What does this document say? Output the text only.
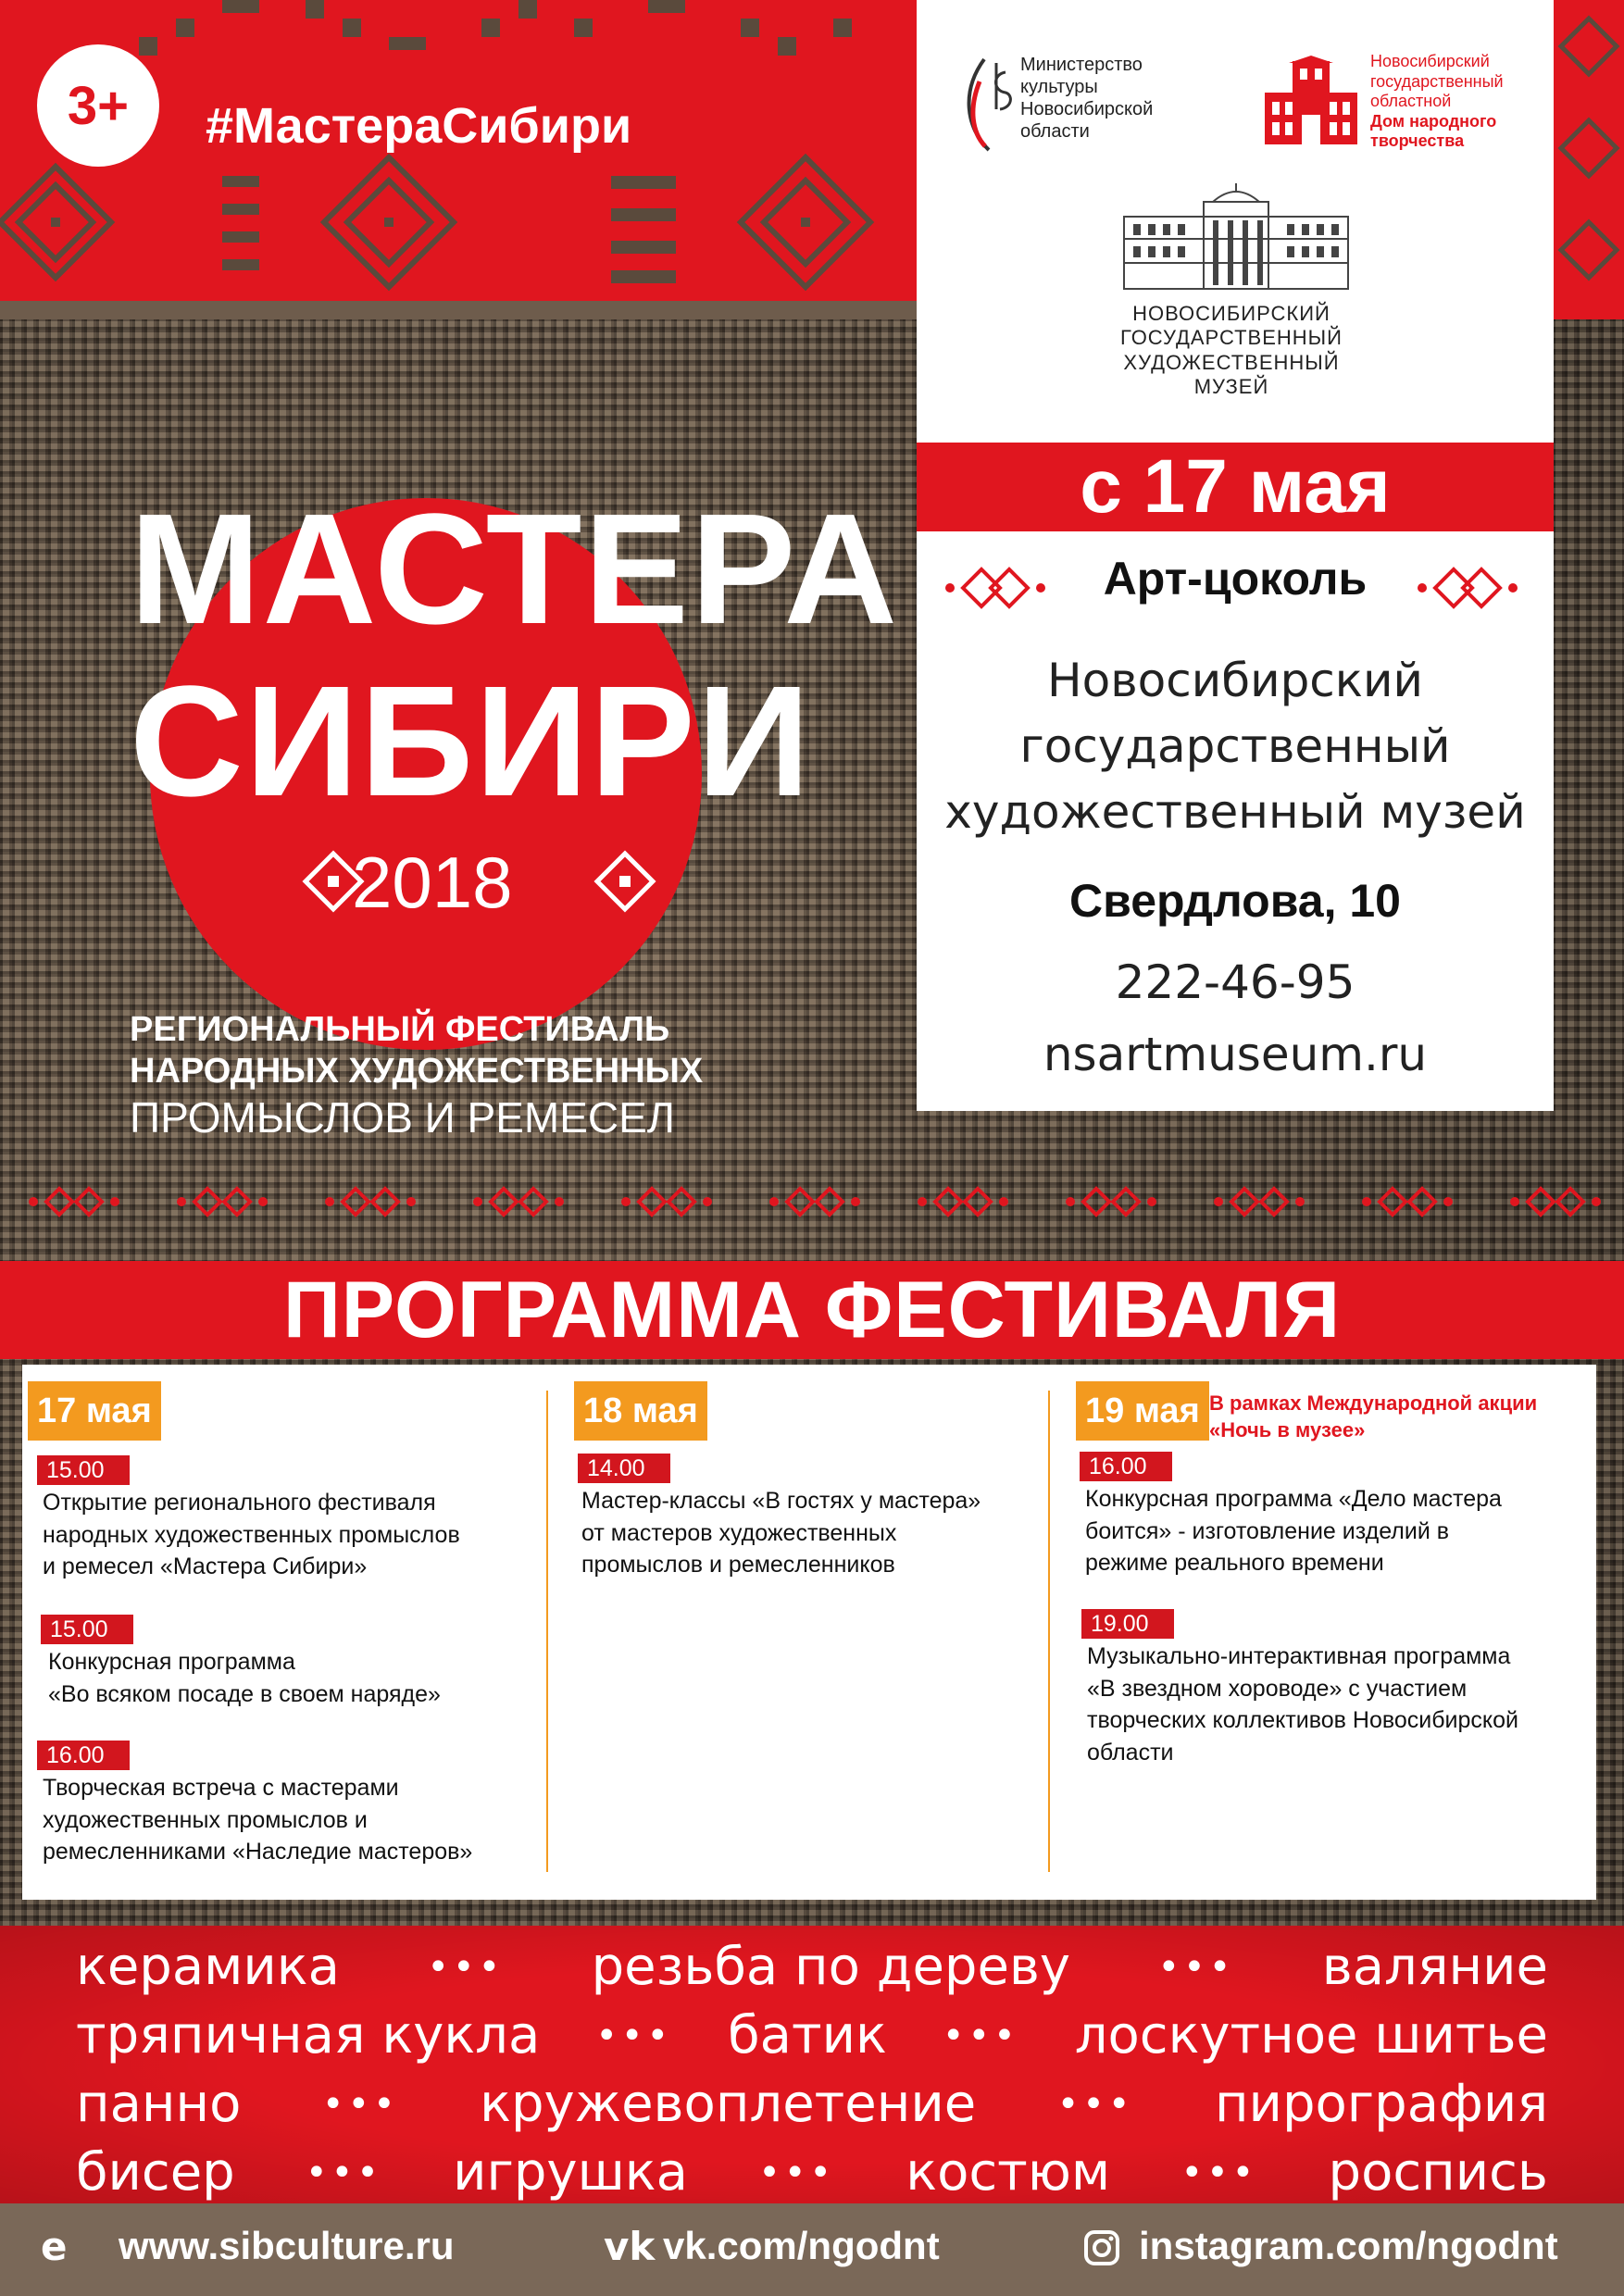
3+	#МастераСибири
Министерство
культуры
Новосибирской
области
Новосибирский
государственный
областной
Дом народного
творчества
НОВОСИБИРСКИЙ
ГОСУДАРСТВЕННЫЙ
ХУДОЖЕСТВЕННЫЙ
МУЗЕЙ
с 17 мая
Арт-цоколь
Новосибирский
государственный
художественный музей
Свердлова, 10
222-46-95
nsartmuseum.ru
МАСТЕРА
СИБИРИ
2018
РЕГИОНАЛЬНЫЙ ФЕСТИВАЛЬ
НАРОДНЫХ ХУДОЖЕСТВЕННЫХ
ПРОМЫСЛОВ И РЕМЕСЕЛ
ПРОГРАММА ФЕСТИВАЛЯ
17 мая
15.00
Открытие регионального фестиваля
народных художественных промыслов
и ремесел «Мастера Сибири»
15.00
Конкурсная программа
«Во всяком посаде в своем наряде»
16.00
Творческая встреча с мастерами
художественных промыслов и
ремесленниками «Наследие мастеров»
18 мая
14.00
Мастер-классы «В гостях у мастера»
от мастеров художественных
промыслов и ремесленников
19 мая В рамках Международной акции
«Ночь в музее»
16.00
Конкурсная программа «Дело мастера
боится» - изготовление изделий в
режиме реального времени
19.00
Музыкально-интерактивная программа
«В звездном хороводе» с участием
творческих коллективов Новосибирской
области
керамика ••• резьба по дереву ••• валяние
тряпичная кукла ••• батик ••• лоскутное шитье
панно ••• кружевоплетение ••• пирография
бисер ••• игрушка ••• костюм ••• роспись
e www.sibculture.ru	vk vk.com/ngodnt	instagram.com/ngodnt
